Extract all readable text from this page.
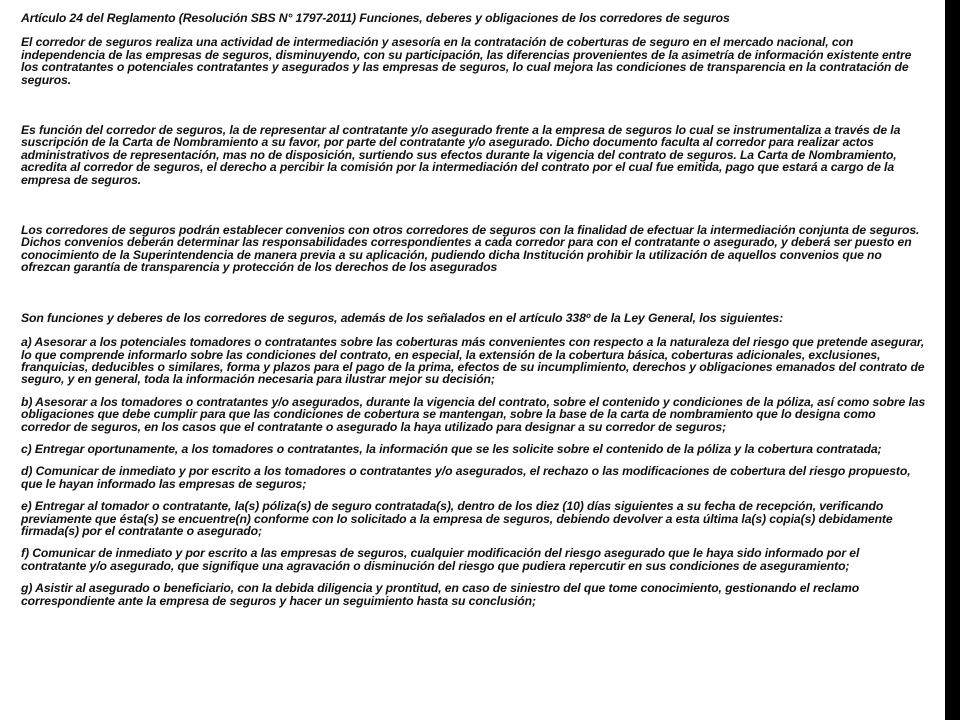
Artículo 24 del Reglamento (Resolución SBS N° 1797-2011) Funciones, deberes y obligaciones de los corredores de seguros

El corredor de seguros realiza una actividad de intermediación y asesoría en la contratación de coberturas de seguro en el mercado nacional, con independencia de las empresas de seguros, disminuyendo, con su participación, las diferencias provenientes de la asimetría de información existente entre los contratantes o potenciales contratantes y asegurados y las empresas de seguros, lo cual mejora las condiciones de transparencia en la contratación de seguros.

Es función del corredor de seguros, la de representar al contratante y/o asegurado frente a la empresa de seguros lo cual se instrumentaliza a través de la suscripción de la Carta de Nombramiento a su favor, por parte del contratante y/o asegurado. Dicho documento faculta al corredor para realizar actos administrativos de representación, mas no de disposición, surtiendo sus efectos durante la vigencia del contrato de seguros. La Carta de Nombramiento, acredita al corredor de seguros, el derecho a percibir la comisión por la intermediación del contrato por el cual fue emitida, pago que estará a cargo de la empresa de seguros.

Los corredores de seguros podrán establecer convenios con otros corredores de seguros con la finalidad de efectuar la intermediación conjunta de seguros. Dichos convenios deberán determinar las responsabilidades correspondientes a cada corredor para con el contratante o asegurado, y deberá ser puesto en conocimiento de la Superintendencia de manera previa a su aplicación, pudiendo dicha Institución prohibir la utilización de aquellos convenios que no ofrezcan garantía de transparencia y protección de los derechos de los asegurados

Son funciones y deberes de los corredores de seguros, además de los señalados en el artículo 338º de la Ley General, los siguientes:

a) Asesorar a los potenciales tomadores o contratantes sobre las coberturas más convenientes con respecto a la naturaleza del riesgo que pretende asegurar, lo que comprende informarlo sobre las condiciones del contrato, en especial, la extensión de la cobertura básica, coberturas adicionales, exclusiones, franquicias, deducibles o similares, forma y plazos para el pago de la prima, efectos de su incumplimiento, derechos y obligaciones emanados del contrato de seguro, y en general, toda la información necesaria para ilustrar mejor su decisión;

b) Asesorar a los tomadores o contratantes y/o asegurados, durante la vigencia del contrato, sobre el contenido y condiciones de la póliza, así como sobre las obligaciones que debe cumplir para que las condiciones de cobertura se mantengan, sobre la base de la carta de nombramiento que lo designa como corredor de seguros, en los casos que el contratante o asegurado la haya utilizado para designar a su corredor de seguros;

c) Entregar oportunamente, a los tomadores o contratantes, la información que se les solicite sobre el contenido de la póliza y la cobertura contratada;

d) Comunicar de inmediato y por escrito a los tomadores o contratantes y/o asegurados, el rechazo o las modificaciones de cobertura del riesgo propuesto, que le hayan informado las empresas de seguros;

e) Entregar al tomador o contratante, la(s) póliza(s) de seguro contratada(s), dentro de los diez (10) días siguientes a su fecha de recepción, verificando previamente que ésta(s) se encuentre(n) conforme con lo solicitado a la empresa de seguros, debiendo devolver a esta última la(s) copia(s) debidamente firmada(s) por el contratante o asegurado;

f) Comunicar de inmediato y por escrito a las empresas de seguros, cualquier modificación del riesgo asegurado que le haya sido informado por el contratante y/o asegurado, que signifique una agravación o disminución del riesgo que pudiera repercutir en sus condiciones de aseguramiento;

g) Asistir al asegurado o beneficiario, con la debida diligencia y prontitud, en caso de siniestro del que tome conocimiento, gestionando el reclamo correspondiente ante la empresa de seguros y hacer un seguimiento hasta su conclusión;
